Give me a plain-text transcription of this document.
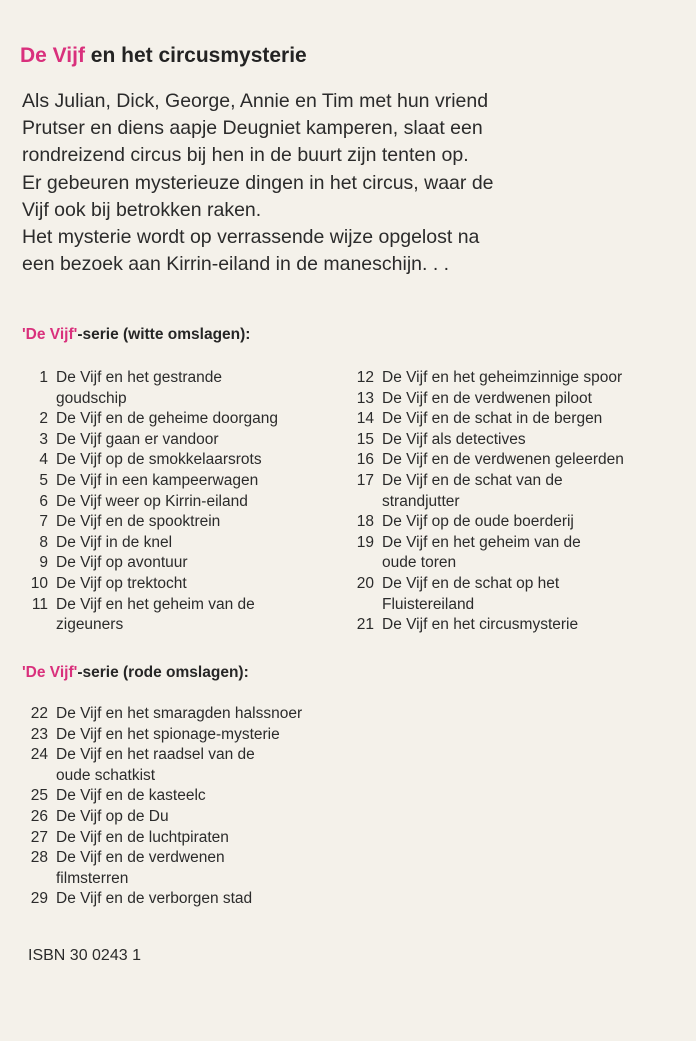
De Vijf en het circusmysterie
Als Julian, Dick, George, Annie en Tim met hun vriend
Prutser en diens aapje Deugniet kamperen, slaat een
rondreizend circus bij hen in de buurt zijn tenten op.
Er gebeuren mysterieuze dingen in het circus, waar de
Vijf ook bij betrokken raken.
Het mysterie wordt op verrassende wijze opgelost na
een bezoek aan Kirrin-eiland in de maneschijn. . .
'De Vijf'-serie (witte omslagen):
1 De Vijf en het gestrande
goudschip
2 De Vijf en de geheime doorgang
3 De Vijf gaan er vandoor
4 De Vijf op de smokkelaarsrots
5 De Vijf in een kampeerwagen
6 De Vijf weer op Kirrin-eiland
7 De Vijf en de spooktrein
8 De Vijf in de knel
9 De Vijf op avontuur
10 De Vijf op trektocht
11 De Vijf en het geheim van de
zigeuners
12 De Vijf en het geheimzinnige spoor
13 De Vijf en de verdwenen piloot
14 De Vijf en de schat in de bergen
15 De Vijf als detectives
16 De Vijf en de verdwenen geleerden
17 De Vijf en de schat van de
strandjutter
18 De Vijf op de oude boerderij
19 De Vijf en het geheim van de
oude toren
20 De Vijf en de schat op het
Fluistereiland
21 De Vijf en het circusmysterie
'De Vijf'-serie (rode omslagen):
22 De Vijf en het smaragden halssnoer
23 De Vijf en het spionage-mysterie
24 De Vijf en het raadsel van de
oude schatkist
25 De Vijf en de kasteelc
26 De Vijf op de Du
27 De Vijf en de luchtpiraten
28 De Vijf en de verdwenen
filmsterren
29 De Vijf en de verborgen stad
ISBN 30 0243 1
